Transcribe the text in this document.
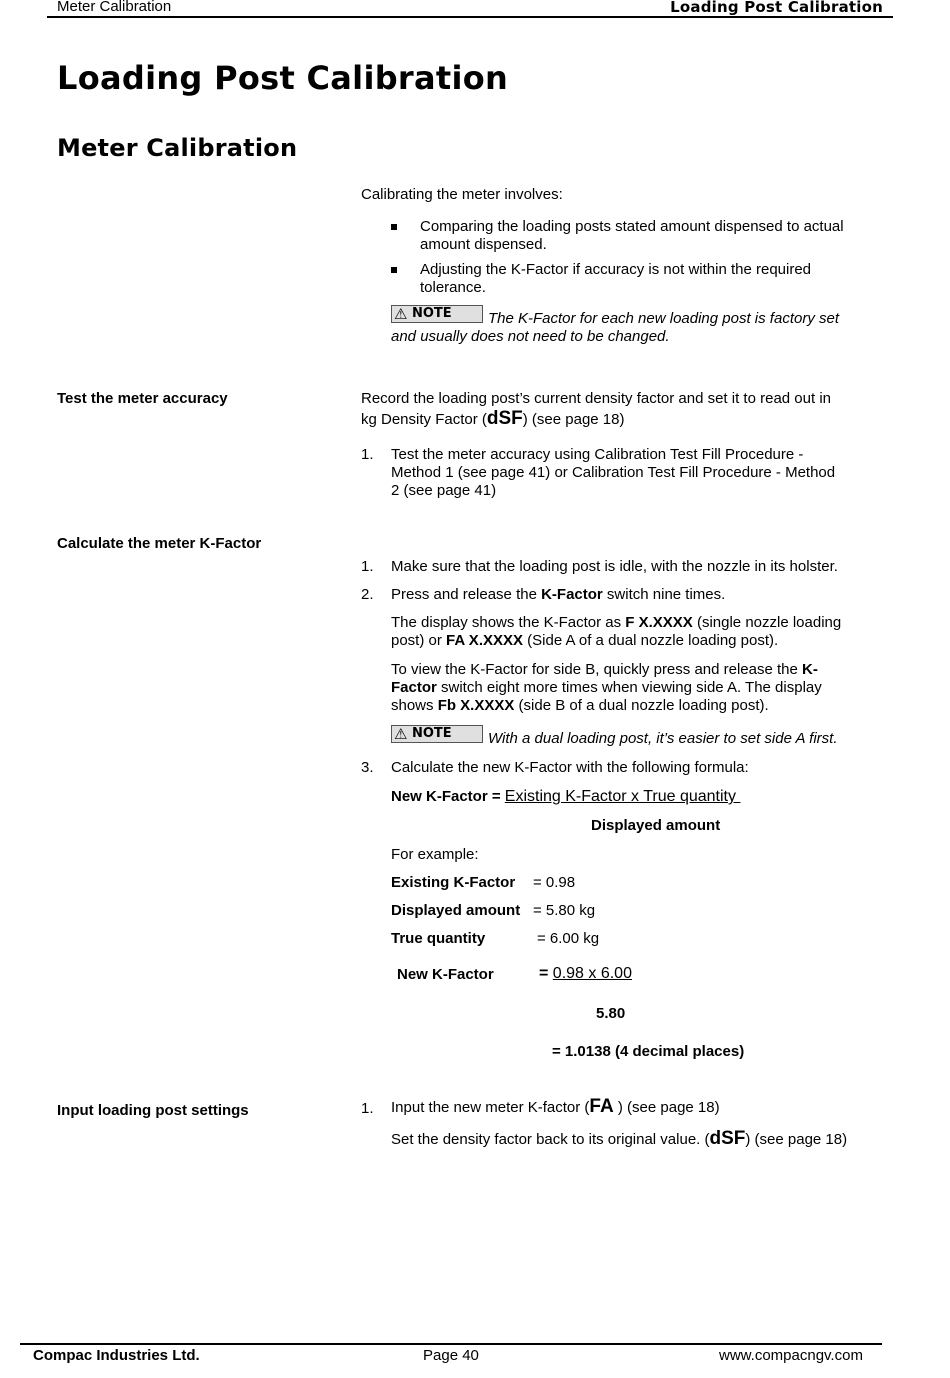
Meter Calibration	Loading Post Calibration
Loading Post Calibration
Meter Calibration
Calibrating the meter involves:
Comparing the loading posts stated amount dispensed to actual
amount dispensed.
Adjusting the K-Factor if accuracy is not within the required
tolerance.
⚠ NOTE The K-Factor for each new loading post is factory set
and usually does not need to be changed.
Test the meter accuracy	Record the loading post’s current density factor and set it to read out in
kg Density Factor (dSF) (see page 18)
1. Test the meter accuracy using Calibration Test Fill Procedure -
Method 1 (see page 41) or Calibration Test Fill Procedure - Method
2 (see page 41)
Calculate the meter K-Factor
1. Make sure that the loading post is idle, with the nozzle in its holster.
2. Press and release the K-Factor switch nine times.
The display shows the K-Factor as F X.XXXX (single nozzle loading
post) or FA X.XXXX (Side A of a dual nozzle loading post).
To view the K-Factor for side B, quickly press and release the K-
Factor switch eight more times when viewing side A. The display
shows Fb X.XXXX (side B of a dual nozzle loading post).
⚠ NOTE With a dual loading post, it’s easier to set side A first.
3. Calculate the new K-Factor with the following formula:
New K-Factor = Existing K-Factor x True quantity
Displayed amount
For example:
Existing K-Factor = 0.98
Displayed amount = 5.80 kg
True quantity	= 6.00 kg
New K-Factor	= 0.98 x 6.00
5.80
= 1.0138 (4 decimal places)
Input loading post settings	1. Input the new meter K-factor (FA ) (see page 18)
Set the density factor back to its original value. (dSF) (see page 18)
Compac Industries Ltd.	Page 40	www.compacngv.com
